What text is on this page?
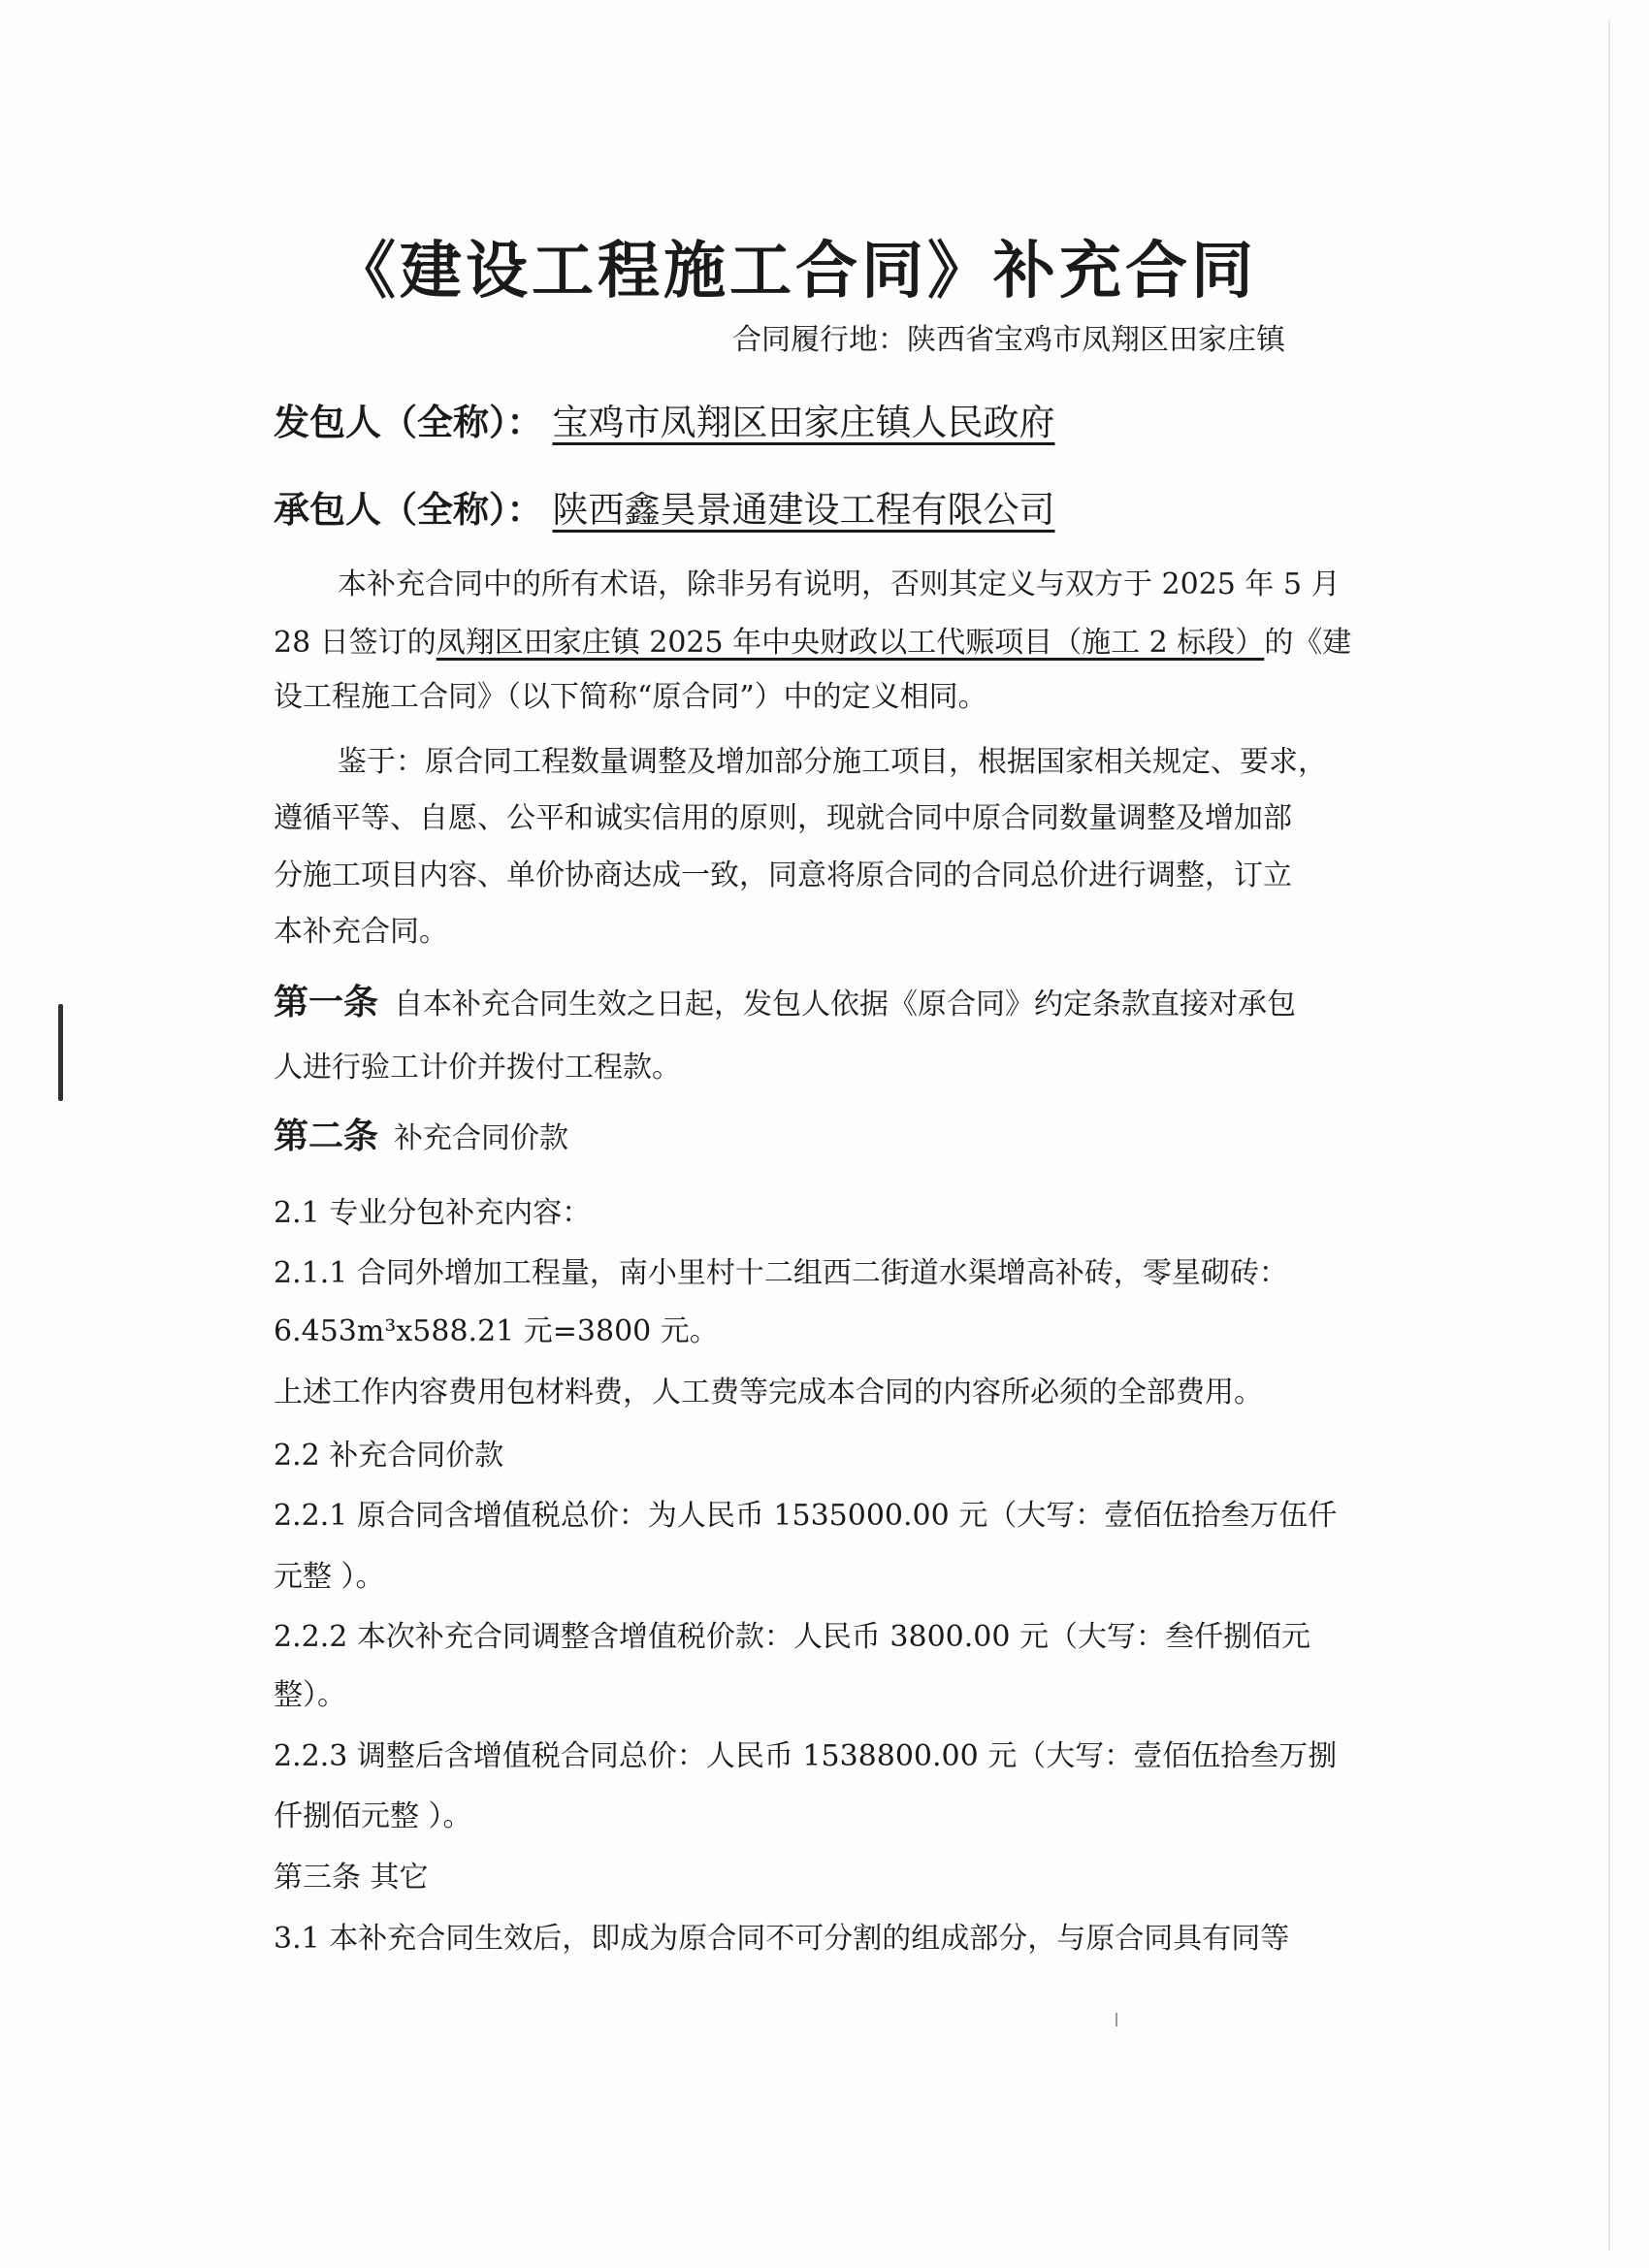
《建设工程施工合同》补充合同
合同履行地：陕西省宝鸡市凤翔区田家庄镇
发包人（全称）： 宝鸡市凤翔区田家庄镇人民政府
承包人（全称）： 陕西鑫昊景通建设工程有限公司
本补充合同中的所有术语，除非另有说明，否则其定义与双方于 2025 年 5 月
28 日签订的凤翔区田家庄镇 2025 年中央财政以工代赈项目（施工 2 标段）的《建
设工程施工合同》（以下简称“原合同”）中的定义相同。
鉴于：原合同工程数量调整及增加部分施工项目，根据国家相关规定、要求，
遵循平等、自愿、公平和诚实信用的原则，现就合同中原合同数量调整及增加部
分施工项目内容、单价协商达成一致，同意将原合同的合同总价进行调整，订立
本补充合同。
第一条 自本补充合同生效之日起，发包人依据《原合同》约定条款直接对承包
人进行验工计价并拨付工程款。
第二条 补充合同价款
2.1 专业分包补充内容：
2.1.1 合同外增加工程量，南小里村十二组西二街道水渠增高补砖，零星砌砖：
6.453m³x588.21 元=3800 元。
上述工作内容费用包材料费，人工费等完成本合同的内容所必须的全部费用。
2.2 补充合同价款
2.2.1 原合同含增值税总价：为人民币 1535000.00 元（大写：壹佰伍拾叁万伍仟
元整 ）。
2.2.2 本次补充合同调整含增值税价款：人民币 3800.00 元（大写：叁仟捌佰元
整）。
2.2.3 调整后含增值税合同总价：人民币 1538800.00 元（大写：壹佰伍拾叁万捌
仟捌佰元整 ）。
第三条 其它
3.1 本补充合同生效后，即成为原合同不可分割的组成部分，与原合同具有同等
